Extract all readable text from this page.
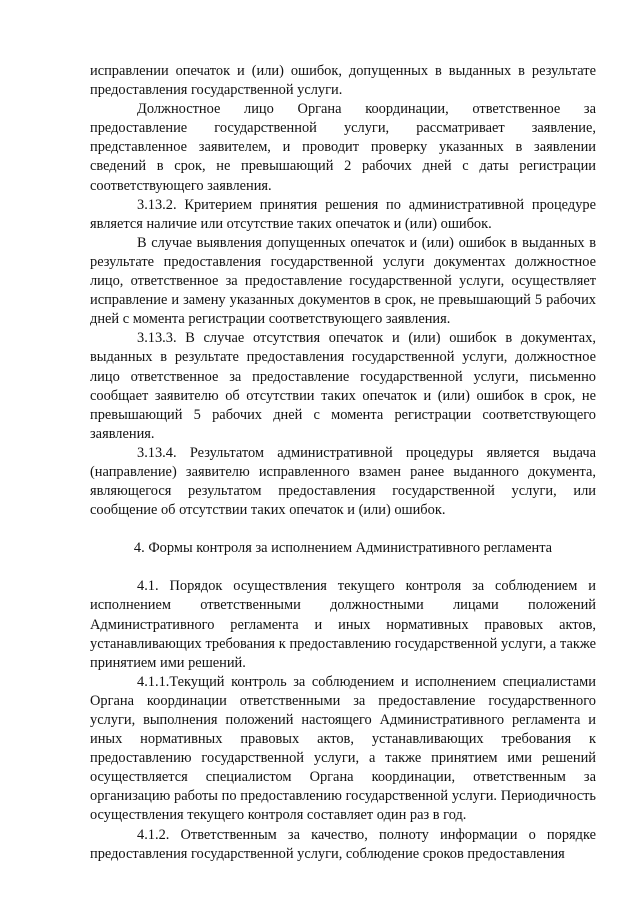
исправлении опечаток и (или) ошибок, допущенных в выданных в результате предоставления государственной услуги.

Должностное лицо Органа координации, ответственное за предоставление государственной услуги, рассматривает заявление, представленное заявителем, и проводит проверку указанных в заявлении сведений в срок, не превышающий 2 рабочих дней с даты регистрации соответствующего заявления.

3.13.2. Критерием принятия решения по административной процедуре является наличие или отсутствие таких опечаток и (или) ошибок.

В случае выявления допущенных опечаток и (или) ошибок в выданных в результате предоставления государственной услуги документах должностное лицо, ответственное за предоставление государственной услуги, осуществляет исправление и замену указанных документов в срок, не превышающий 5 рабочих дней с момента регистрации соответствующего заявления.

3.13.3. В случае отсутствия опечаток и (или) ошибок в документах, выданных в результате предоставления государственной услуги, должностное лицо ответственное за предоставление государственной услуги, письменно сообщает заявителю об отсутствии таких опечаток и (или) ошибок в срок, не превышающий 5 рабочих дней с момента регистрации соответствующего заявления.

3.13.4. Результатом административной процедуры является выдача (направление) заявителю исправленного взамен ранее выданного документа, являющегося результатом предоставления государственной услуги, или сообщение об отсутствии таких опечаток и (или) ошибок.

4. Формы контроля за исполнением Административного регламента

4.1. Порядок осуществления текущего контроля за соблюдением и исполнением ответственными должностными лицами положений Административного регламента и иных нормативных правовых актов, устанавливающих требования к предоставлению государственной услуги, а также принятием ими решений.

4.1.1.Текущий контроль за соблюдением и исполнением специалистами Органа координации ответственными за предоставление государственного услуги, выполнения положений настоящего Административного регламента и иных нормативных правовых актов, устанавливающих требования к предоставлению государственной услуги, а также принятием ими решений осуществляется специалистом Органа координации, ответственным за организацию работы по предоставлению государственной услуги. Периодичность осуществления текущего контроля составляет один раз в год.

4.1.2. Ответственным за качество, полноту информации о порядке предоставления государственной услуги, соблюдение сроков предоставления
